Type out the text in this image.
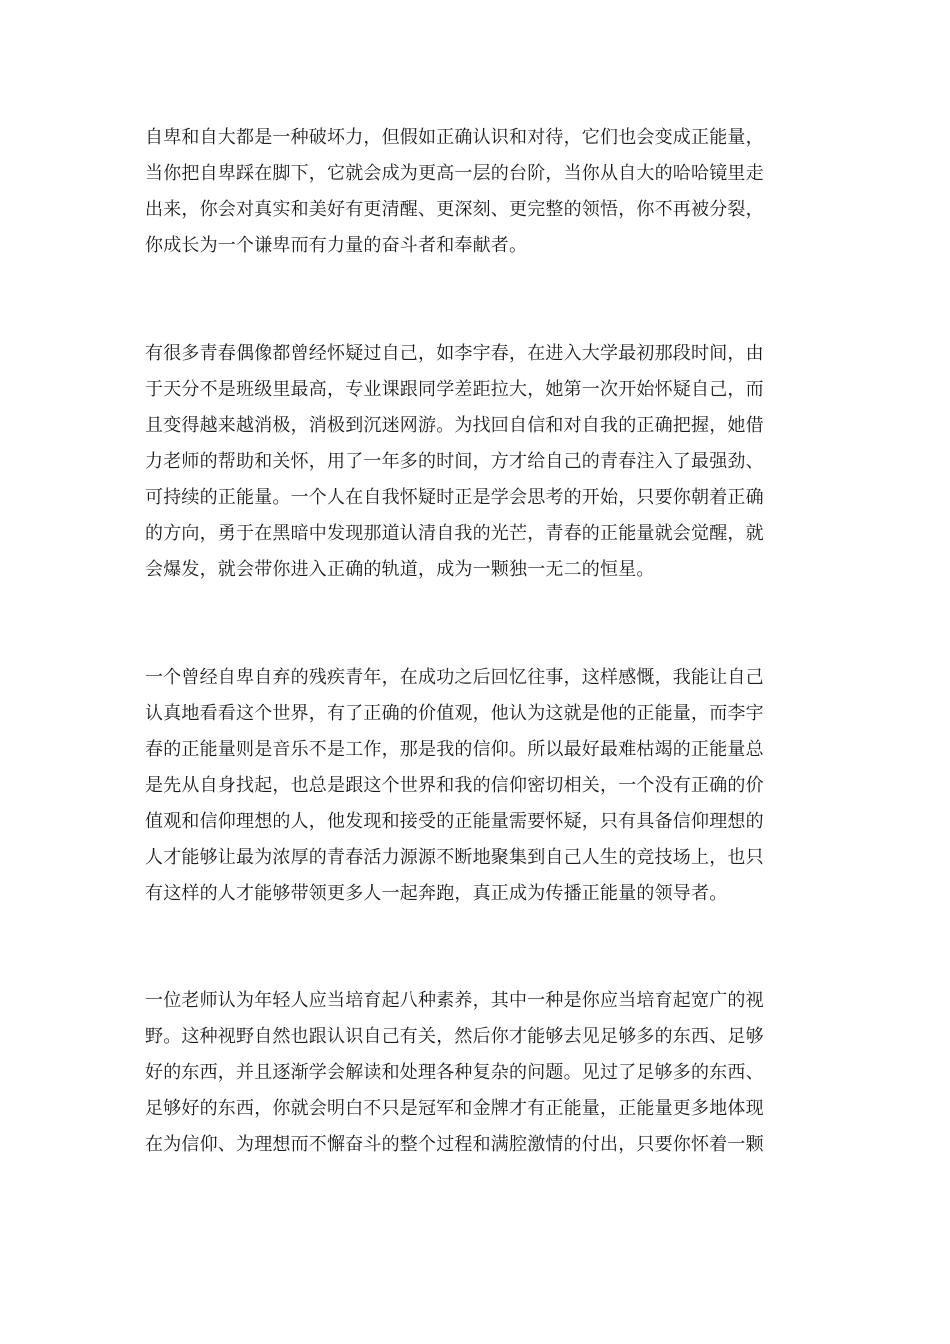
自卑和自大都是一种破坏力，但假如正确认识和对待，它们也会变成正能量，
当你把自卑踩在脚下，它就会成为更高一层的台阶，当你从自大的哈哈镜里走
出来，你会对真实和美好有更清醒、更深刻、更完整的领悟，你不再被分裂，
你成长为一个谦卑而有力量的奋斗者和奉献者。
有很多青春偶像都曾经怀疑过自己，如李宇春，在进入大学最初那段时间，由
于天分不是班级里最高，专业课跟同学差距拉大，她第一次开始怀疑自己，而
且变得越来越消极，消极到沉迷网游。为找回自信和对自我的正确把握，她借
力老师的帮助和关怀，用了一年多的时间，方才给自己的青春注入了最强劲、
可持续的正能量。一个人在自我怀疑时正是学会思考的开始，只要你朝着正确
的方向，勇于在黑暗中发现那道认清自我的光芒，青春的正能量就会觉醒，就
会爆发，就会带你进入正确的轨道，成为一颗独一无二的恒星。
一个曾经自卑自弃的残疾青年，在成功之后回忆往事，这样感慨，我能让自己
认真地看看这个世界，有了正确的价值观，他认为这就是他的正能量，而李宇
春的正能量则是音乐不是工作，那是我的信仰。所以最好最难枯竭的正能量总
是先从自身找起，也总是跟这个世界和我的信仰密切相关，一个没有正确的价
值观和信仰理想的人，他发现和接受的正能量需要怀疑，只有具备信仰理想的
人才能够让最为浓厚的青春活力源源不断地聚集到自己人生的竞技场上，也只
有这样的人才能够带领更多人一起奔跑，真正成为传播正能量的领导者。
一位老师认为年轻人应当培育起八种素养，其中一种是你应当培育起宽广的视
野。这种视野自然也跟认识自己有关，然后你才能够去见足够多的东西、足够
好的东西，并且逐渐学会解读和处理各种复杂的问题。见过了足够多的东西、
足够好的东西，你就会明白不只是冠军和金牌才有正能量，正能量更多地体现
在为信仰、为理想而不懈奋斗的整个过程和满腔激情的付出，只要你怀着一颗
